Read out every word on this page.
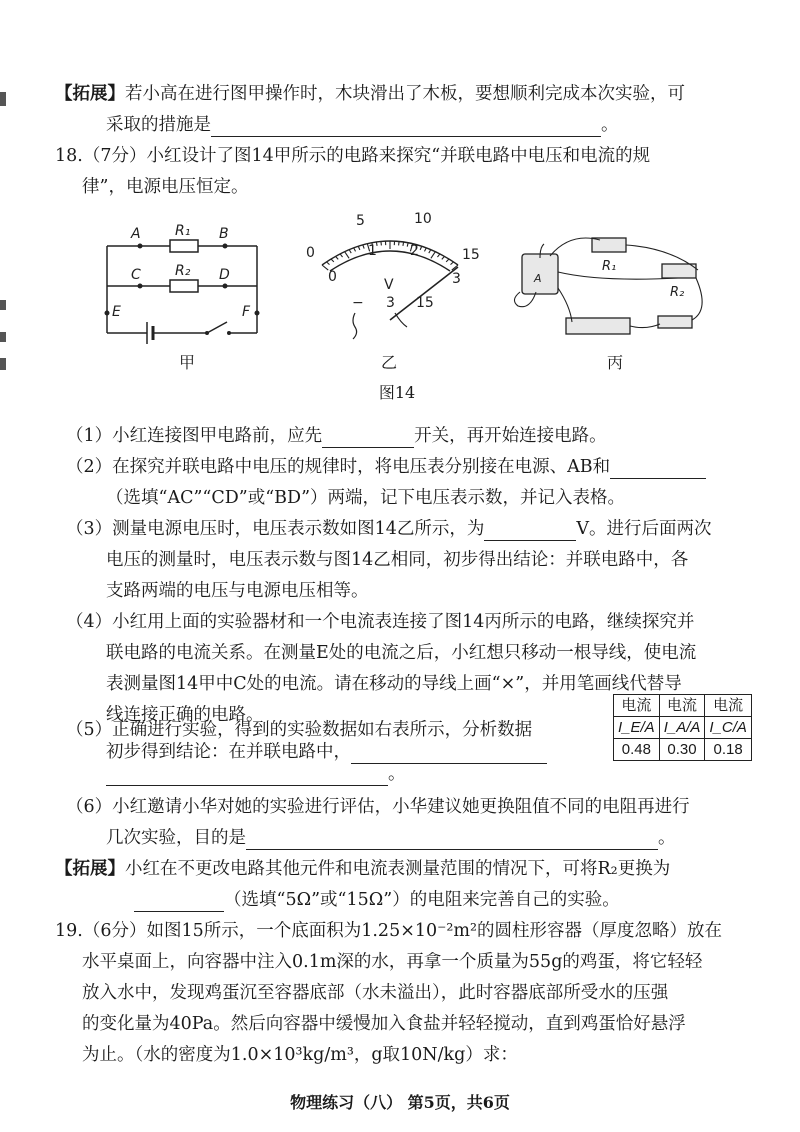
【拓展】若小高在进行图甲操作时，木块滑出了木板，要想顺利完成本次实验，可
采取的措施是	。
18.（7分）小红设计了图14甲所示的电路来探究“并联电路中电压和电流的规
律”，电源电压恒定。
A	B
C	D
E	F
R₁
R₂
甲
5	10
1 2
0
0
15
3
V
− 3 15
乙
R₁
R₂
A
丙
图14
（1）小红连接图甲电路前，应先	开关，再开始连接电路。
（2）在探究并联电路中电压的规律时，将电压表分别接在电源、AB和
（选填“AC”“CD”或“BD”）两端，记下电压表示数，并记入表格。
（3）测量电源电压时，电压表示数如图14乙所示，为	V。进行后面两次
电压的测量时，电压表示数与图14乙相同，初步得出结论：并联电路中，各
支路两端的电压与电源电压相等。
（4）小红用上面的实验器材和一个电流表连接了图14丙所示的电路，继续探究并
联电路的电流关系。在测量E处的电流之后，小红想只移动一根导线，使电流
表测量图14甲中C处的电流。请在移动的导线上画“×”，并用笔画线代替导
线连接正确的电路。
（5）正确进行实验，得到的实验数据如右表所示，分析数据
初步得到结论：在并联电路中，
。
电流	电流	电流
I_E/A	I_A/A	I_C/A
0.48	0.30	0.18
（6）小红邀请小华对她的实验进行评估，小华建议她更换阻值不同的电阻再进行
几次实验，目的是	。
【拓展】小红在不更改电路其他元件和电流表测量范围的情况下，可将R₂更换为
（选填“5Ω”或“15Ω”）的电阻来完善自己的实验。
19.（6分）如图15所示，一个底面积为1.25×10⁻²m²的圆柱形容器（厚度忽略）放在
水平桌面上，向容器中注入0.1m深的水，再拿一个质量为55g的鸡蛋，将它轻轻
放入水中，发现鸡蛋沉至容器底部（水未溢出），此时容器底部所受水的压强
的变化量为40Pa。然后向容器中缓慢加入食盐并轻轻搅动，直到鸡蛋恰好悬浮
为止。（水的密度为1.0×10³kg/m³，g取10N/kg）求：
物理练习（八） 第5页，共6页
